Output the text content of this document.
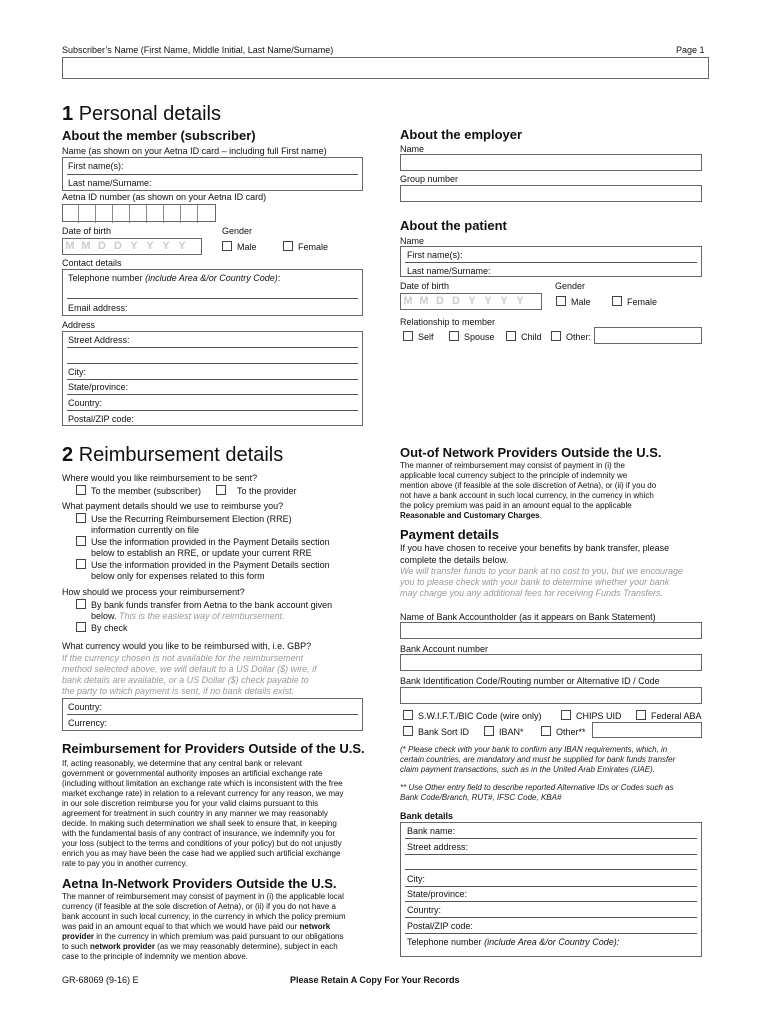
Subscriber’s Name (First Name, Middle Initial, Last Name/Surname)	Page 1
1 Personal details
About the member (subscriber)
Name (as shown on your Aetna ID card – including full First name)
First name(s):
Last name/Surname:
Aetna ID number (as shown on your Aetna ID card)
Date of birth
M M D D Y Y Y Y
Gender
Male	Female
Contact details
Telephone number (include Area &/or Country Code):
Email address:
Address
Street Address:
City:
State/province:
Country:
Postal/ZIP code:
About the employer
Name
Group number
About the patient
Name
First name(s):
Last name/Surname:
Date of birth
M M D D Y Y Y Y
Gender
Male	Female
Relationship to member
Self	Spouse	Child	Other:
2 Reimbursement details
Where would you like reimbursement to be sent?
To the member (subscriber)	To the provider
What payment details should we use to reimburse you?
Use the Recurring Reimbursement Election (RRE)
information currently on file
Use the information provided in the Payment Details section
below to establish an RRE, or update your current RRE
Use the information provided in the Payment Details section
below only for expenses related to this form
How should we process your reimbursement?
By bank funds transfer from Aetna to the bank account given
below. This is the easiest way of reimbursement.
By check
What currency would you like to be reimbursed with, i.e. GBP?
If the currency chosen is not available for the reimbursement
method selected above, we will default to a US Dollar ($) wire, if
bank details are available, or a US Dollar ($) check payable to
the party to which payment is sent, if no bank details exist.
Country:
Currency:
Reimbursement for Providers Outside of the U.S.
If, acting reasonably, we determine that any central bank or relevant
government or governmental authority imposes an artificial exchange rate
(including without limitation an exchange rate which is inconsistent with the free
market exchange rate) in relation to a relevant currency for any reason, we may
in our sole discretion reimburse you for your valid claims pursuant to this
agreement for treatment in such country in any manner we may reasonably
decide. In making such determination we shall seek to ensure that, in keeping
with the fundamental basis of any contract of insurance, we indemnify you for
your loss (subject to the terms and conditions of your policy) but do not unjustly
enrich you as may have been the case had we applied such artificial exchange
rate to pay you in another currency.
Aetna In-Network Providers Outside the U.S.
The manner of reimbursement may consist of payment in (i) the applicable local
currency (if feasible at the sole discretion of Aetna), or (ii) if you do not have a
bank account in such local currency, in the currency in which the policy premium
was paid in an amount equal to that which we would have paid our network
provider in the currency in which premium was paid pursuant to our obligations
to such network provider (as we may reasonably determine), subject in each
case to the principle of indemnity we mention above.
Out-of Network Providers Outside the U.S.
The manner of reimbursement may consist of payment in (i) the
applicable local currency subject to the principle of indemnity we
mention above (if feasible at the sole discretion of Aetna), or (ii) if you do
not have a bank account in such local currency, in the currency in which
the policy premium was paid in an amount equal to the applicable
Reasonable and Customary Charges.
Payment details
If you have chosen to receive your benefits by bank transfer, please
complete the details below.
We will transfer funds to your bank at no cost to you, but we encourage
you to please check with your bank to determine whether your bank
may charge you any additional fees for receiving Funds Transfers.
Name of Bank Accountholder (as it appears on Bank Statement)
Bank Account number
Bank Identification Code/Routing number or Alternative ID / Code
S.W.I.F.T./BIC Code (wire only)	CHIPS UID	Federal ABA
Bank Sort ID	IBAN*	Other**
(* Please check with your bank to confirm any IBAN requirements, which, in
certain countries, are mandatory and must be supplied for bank funds transfer
claim payment transactions, such as in the United Arab Emirates (UAE).
** Use Other entry field to describe reported Alternative IDs or Codes such as
Bank Code/Branch, RUT#, IFSC Code, KBA#
Bank details
Bank name:
Street address:
City:
State/province:
Country:
Postal/ZIP code:
Telephone number (include Area &/or Country Code):
GR-68069 (9-16) E	Please Retain A Copy For Your Records
